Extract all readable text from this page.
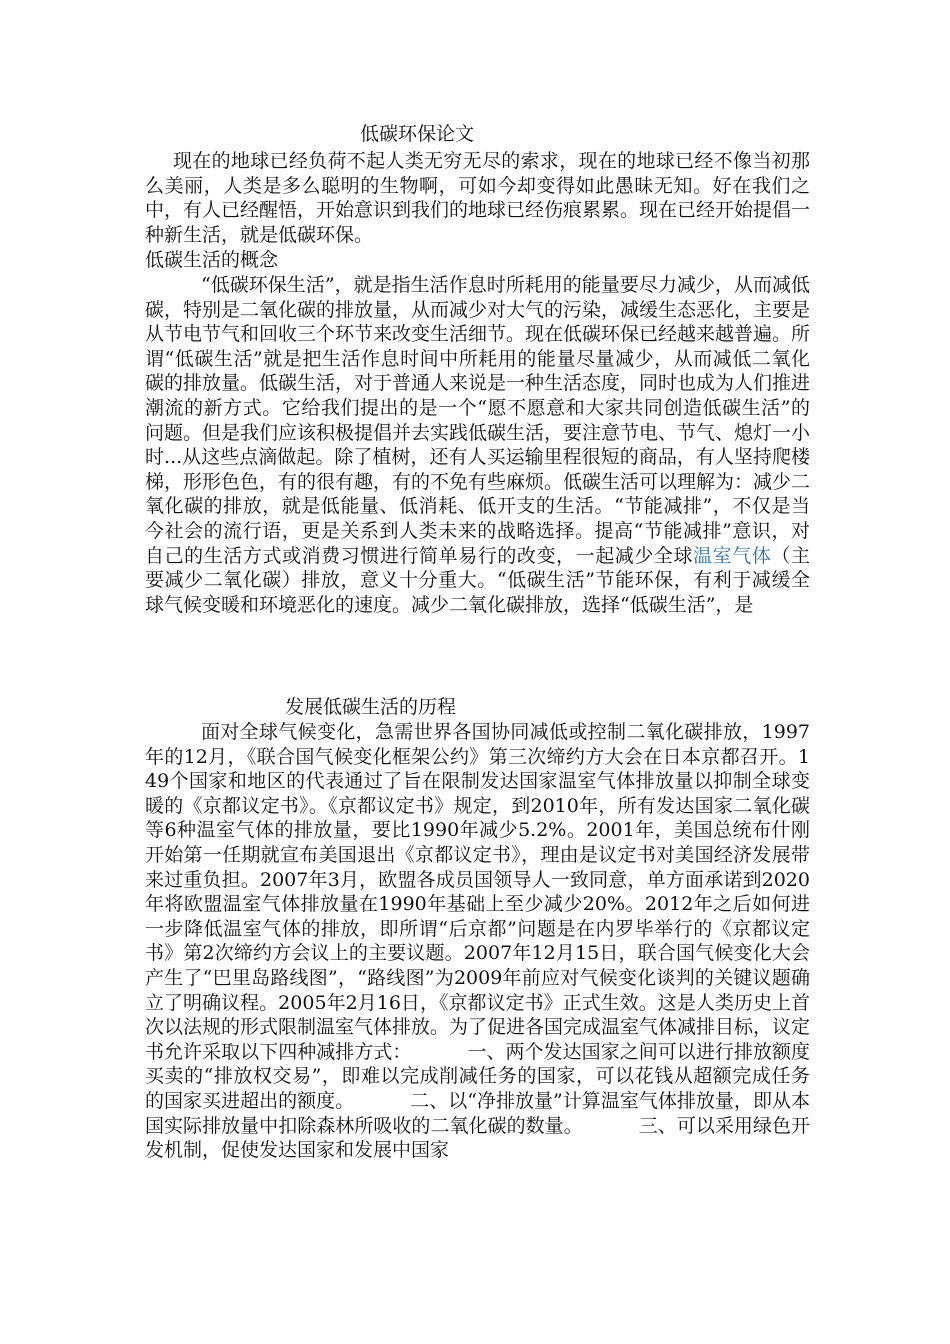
低碳环保论文

现在的地球已经负荷不起人类无穷无尽的索求，现在的地球已经不像当初那么美丽，人类是多么聪明的生物啊，可如今却变得如此愚昧无知。好在我们之中，有人已经醒悟，开始意识到我们的地球已经伤痕累累。现在已经开始提倡一种新生活，就是低碳环保。

低碳生活的概念

“低碳环保生活”，就是指生活作息时所耗用的能量要尽力减少，从而减低碳，特别是二氧化碳的排放量，从而减少对大气的污染，减缓生态恶化，主要是从节电节气和回收三个环节来改变生活细节。现在低碳环保已经越来越普遍。所谓“低碳生活”就是把生活作息时间中所耗用的能量尽量减少，从而减低二氧化碳的排放量。低碳生活，对于普通人来说是一种生活态度，同时也成为人们推进潮流的新方式。它给我们提出的是一个“愿不愿意和大家共同创造低碳生活”的问题。但是我们应该积极提倡并去实践低碳生活，要注意节电、节气、熄灯一小时...从这些点滴做起。除了植树，还有人买运输里程很短的商品，有人坚持爬楼梯，形形色色，有的很有趣，有的不免有些麻烦。低碳生活可以理解为：减少二氧化碳的排放，就是低能量、低消耗、低开支的生活。“节能减排”，不仅是当今社会的流行语，更是关系到人类未来的战略选择。提高“节能减排”意识，对自己的生活方式或消费习惯进行简单易行的改变，一起减少全球温室气体（主要减少二氧化碳）排放，意义十分重大。“低碳生活”节能环保，有利于减缓全球气候变暖和环境恶化的速度。减少二氧化碳排放，选择“低碳生活”，是

发展低碳生活的历程

面对全球气候变化，急需世界各国协同减低或控制二氧化碳排放，1997年的12月，《联合国气候变化框架公约》第三次缔约方大会在日本京都召开。149个国家和地区的代表通过了旨在限制发达国家温室气体排放量以抑制全球变暖的《京都议定书》。《京都议定书》规定，到2010年，所有发达国家二氧化碳等6种温室气体的排放量，要比1990年减少5.2%。2001年，美国总统布什刚开始第一任期就宣布美国退出《京都议定书》，理由是议定书对美国经济发展带来过重负担。2007年3月，欧盟各成员国领导人一致同意，单方面承诺到2020年将欧盟温室气体排放量在1990年基础上至少减少20%。2012年之后如何进一步降低温室气体的排放，即所谓“后京都”问题是在内罗毕举行的《京都议定书》第2次缔约方会议上的主要议题。2007年12月15日，联合国气候变化大会产生了“巴里岛路线图”，“路线图”为2009年前应对气候变化谈判的关键议题确立了明确议程。2005年2月16日，《京都议定书》正式生效。这是人类历史上首次以法规的形式限制温室气体排放。为了促进各国完成温室气体减排目标，议定书允许采取以下四种减排方式：	一、两个发达国家之间可以进行排放额度买卖的“排放权交易”，即难以完成削减任务的国家，可以花钱从超额完成任务的国家买进超出的额度。	二、以“净排放量”计算温室气体排放量，即从本国实际排放量中扣除森林所吸收的二氧化碳的数量。	三、可以采用绿色开发机制，促使发达国家和发展中国家
